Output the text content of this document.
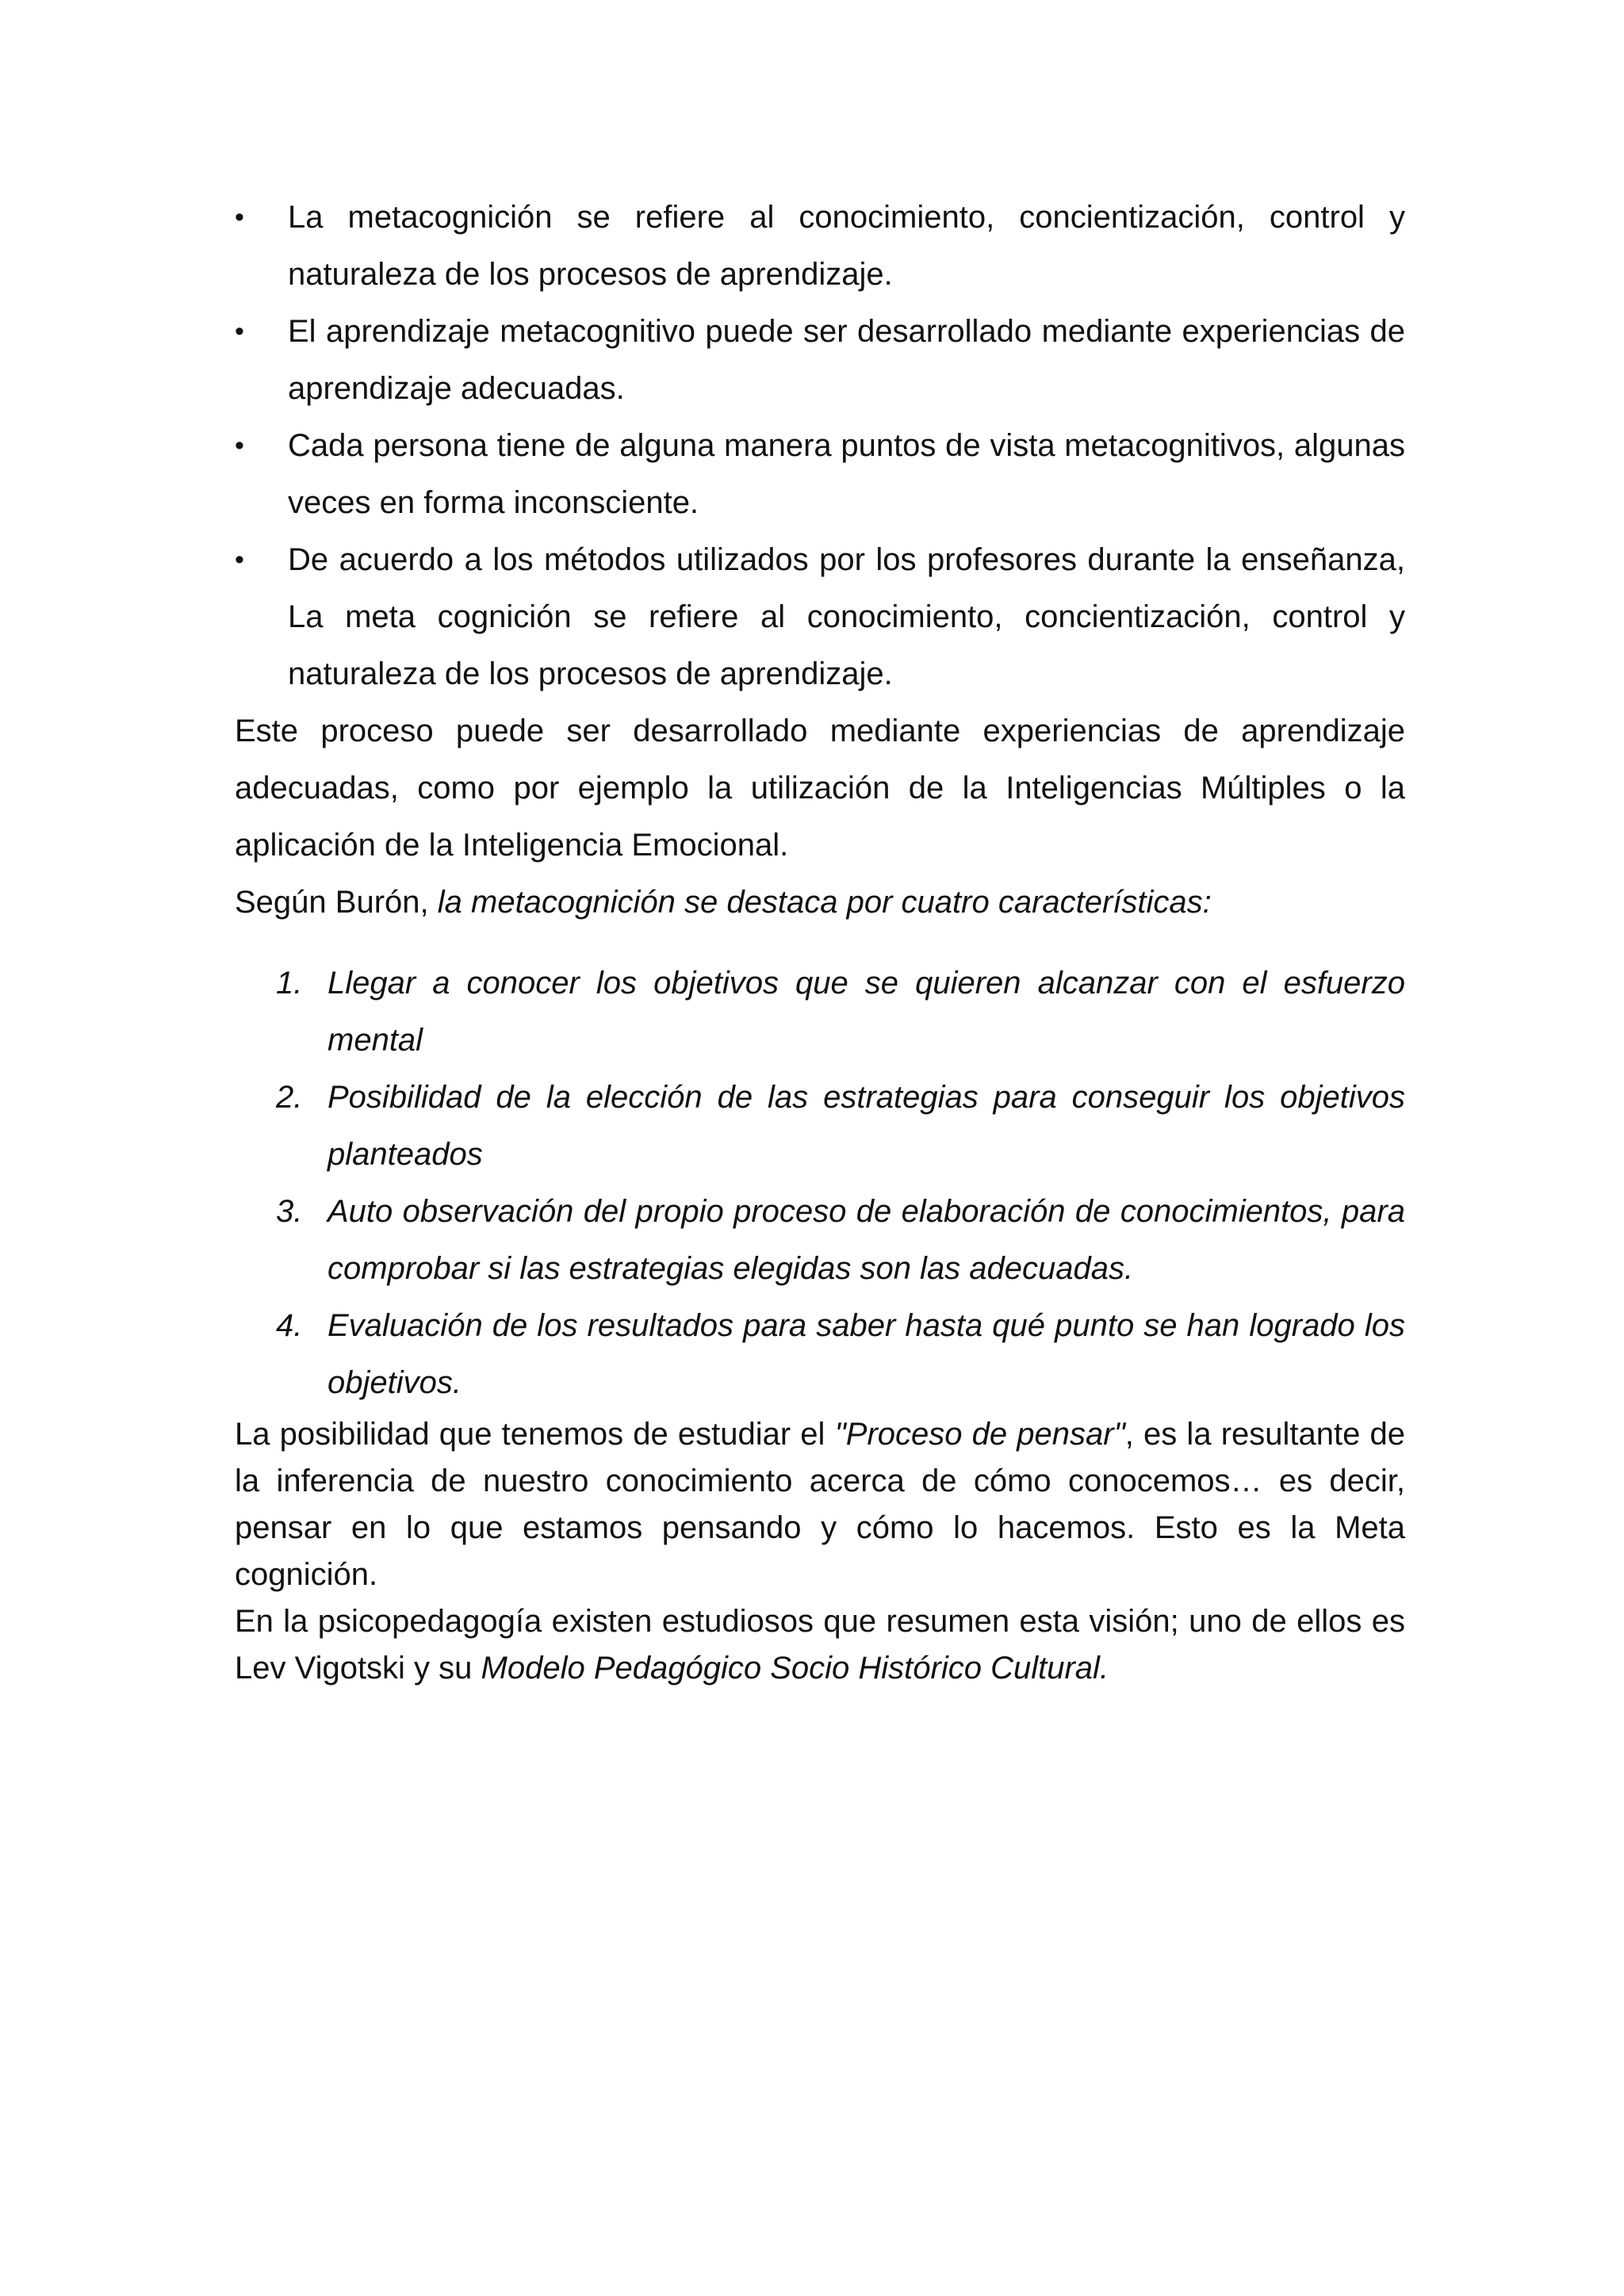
•	La metacognición se refiere al conocimiento, concientización, control y naturaleza de los procesos de aprendizaje.
•	El aprendizaje metacognitivo puede ser desarrollado mediante experiencias de aprendizaje adecuadas.
•	Cada persona tiene de alguna manera puntos de vista metacognitivos, algunas veces en forma inconsciente.
•	De acuerdo a los métodos utilizados por los profesores durante la enseñanza, La meta cognición se refiere al conocimiento, concientización, control y naturaleza de los procesos de aprendizaje.

Este proceso puede ser desarrollado mediante experiencias de aprendizaje adecuadas, como por ejemplo la utilización de la Inteligencias Múltiples o la aplicación de la Inteligencia Emocional.

Según Burón, la metacognición se destaca por cuatro características:

1. Llegar a conocer los objetivos que se quieren alcanzar con el esfuerzo mental
2. Posibilidad de la elección de las estrategias para conseguir los objetivos planteados
3. Auto observación del propio proceso de elaboración de conocimientos, para comprobar si las estrategias elegidas son las adecuadas.
4. Evaluación de los resultados para saber hasta qué punto se han logrado los objetivos.

La posibilidad que tenemos de estudiar el "Proceso de pensar", es la resultante de la inferencia de nuestro conocimiento acerca de cómo conocemos… es decir, pensar en lo que estamos pensando y cómo lo hacemos. Esto es la Meta cognición.

En la psicopedagogía existen estudiosos que resumen esta visión; uno de ellos es Lev Vigotski y su Modelo Pedagógico Socio Histórico Cultural.
